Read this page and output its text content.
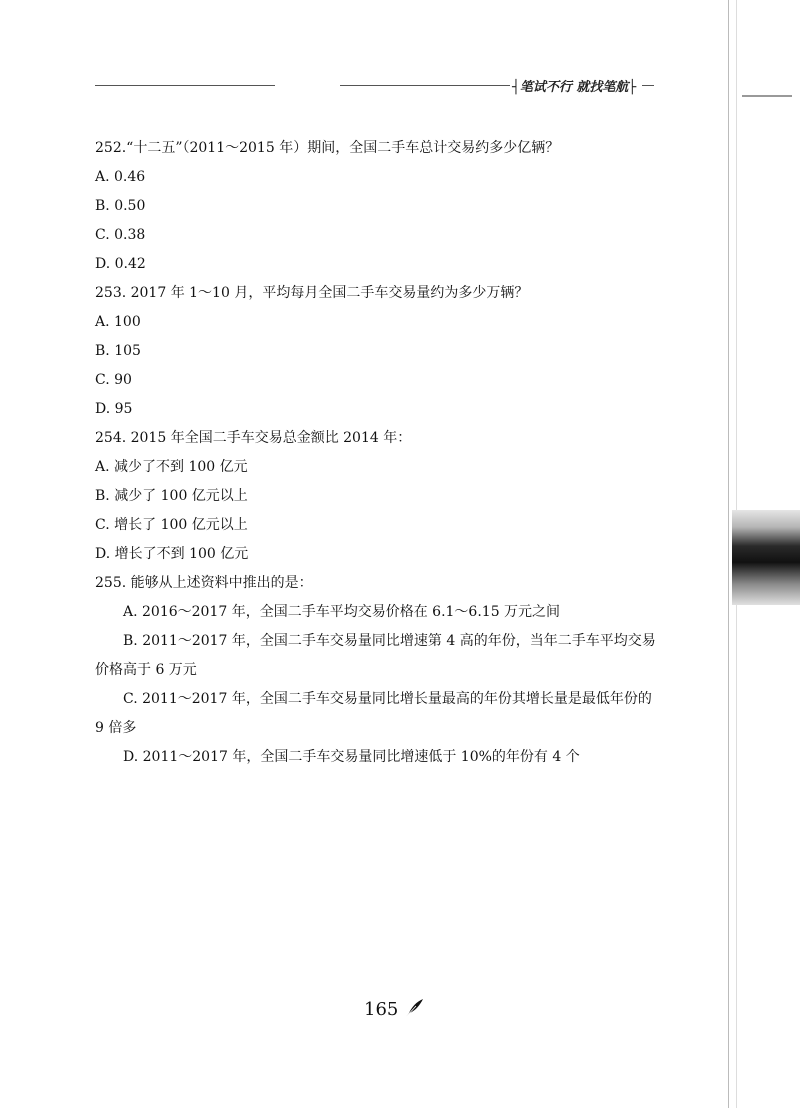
┤笔试不行 就找笔航├
252.“十二五”（2011～2015 年）期间，全国二手车总计交易约多少亿辆？
A. 0.46
B. 0.50
C. 0.38
D. 0.42
253. 2017 年 1～10 月，平均每月全国二手车交易量约为多少万辆？
A. 100
B. 105
C. 90
D. 95
254. 2015 年全国二手车交易总金额比 2014 年：
A. 减少了不到 100 亿元
B. 减少了 100 亿元以上
C. 增长了 100 亿元以上
D. 增长了不到 100 亿元
255. 能够从上述资料中推出的是：
A. 2016～2017 年，全国二手车平均交易价格在 6.1～6.15 万元之间

B. 2011～2017 年，全国二手车交易量同比增速第 4 高的年份，当年二手车平均交易价格高于 6 万元

C. 2011～2017 年，全国二手车交易量同比增长量最高的年份其增长量是最低年份的 9 倍多

D. 2011～2017 年，全国二手车交易量同比增速低于 10%的年份有 4 个
165
